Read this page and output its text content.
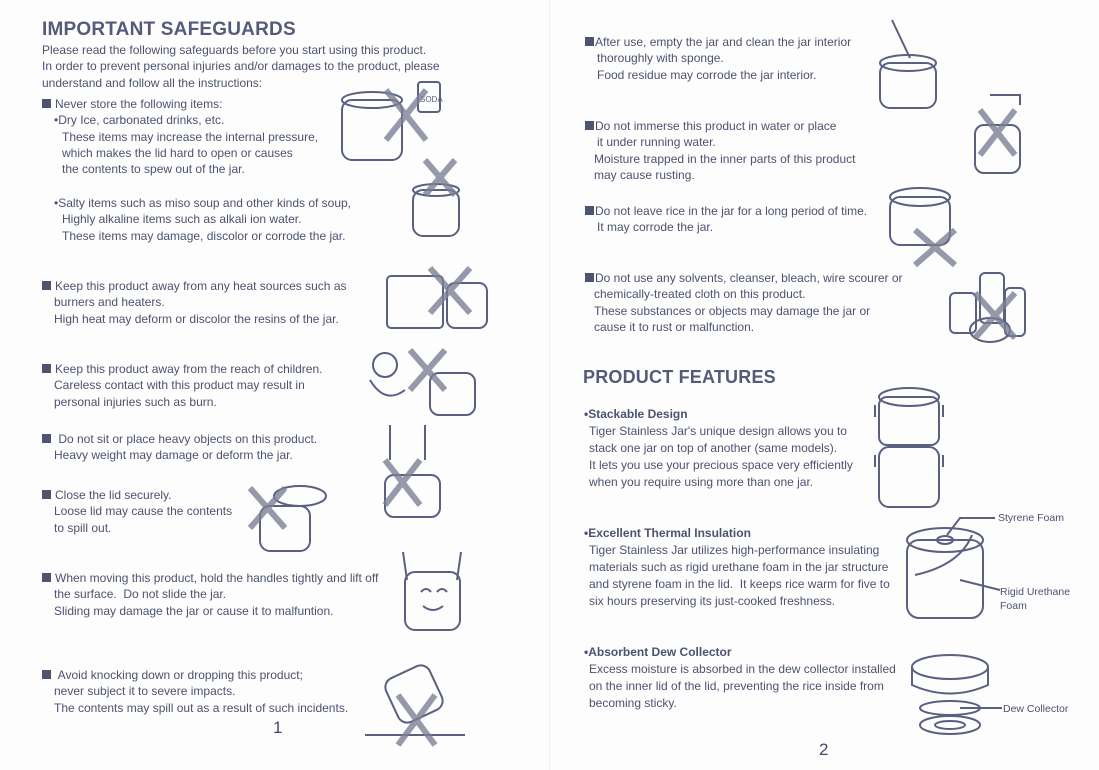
IMPORTANT SAFEGUARDS
Please read the following safeguards before you start using this product.
In order to prevent personal injuries and/or damages to the product, please
understand and follow all the instructions:
Never store the following items:
•Dry Ice, carbonated drinks, etc.
These items may increase the internal pressure,
which makes the lid hard to open or causes
the contents to spew out of the jar.
•Salty items such as miso soup and other kinds of soup,
Highly alkaline items such as alkali ion water.
These items may damage, discolor or corrode the jar.
Keep this product away from any heat sources such as
burners and heaters.
High heat may deform or discolor the resins of the jar.
Keep this product away from the reach of children.
Careless contact with this product may result in
personal injuries such as burn.
Do not sit or place heavy objects on this product.
Heavy weight may damage or deform the jar.
Close the lid securely.
Loose lid may cause the contents
to spill out.
When moving this product, hold the handles tightly and lift off
the surface.  Do not slide the jar.
Sliding may damage the jar or cause it to malfuntion.
Avoid knocking down or dropping this product;
never subject it to severe impacts.
The contents may spill out as a result of such incidents.
1
SODA
After use, empty the jar and clean the jar interior
thoroughly with sponge.
Food residue may corrode the jar interior.
Do not immerse this product in water or place
it under running water.
Moisture trapped in the inner parts of this product
may cause rusting.
Do not leave rice in the jar for a long period of time.
It may corrode the jar.
Do not use any solvents, cleanser, bleach, wire scourer or
chemically-treated cloth on this product.
These substances or objects may damage the jar or
cause it to rust or malfunction.
PRODUCT FEATURES
•Stackable Design
Tiger Stainless Jar's unique design allows you to
stack one jar on top of another (same models).
It lets you use your precious space very efficiently
when you require using more than one jar.
•Excellent Thermal Insulation
Tiger Stainless Jar utilizes high-performance insulating
materials such as rigid urethane foam in the jar structure
and styrene foam in the lid.  It keeps rice warm for five to
six hours preserving its just-cooked freshness.
•Absorbent Dew Collector
Excess moisture is absorbed in the dew collector installed
on the inner lid of the lid, preventing the rice inside from
becoming sticky.
Styrene Foam
Rigid Urethane
Foam
Dew Collector
2
